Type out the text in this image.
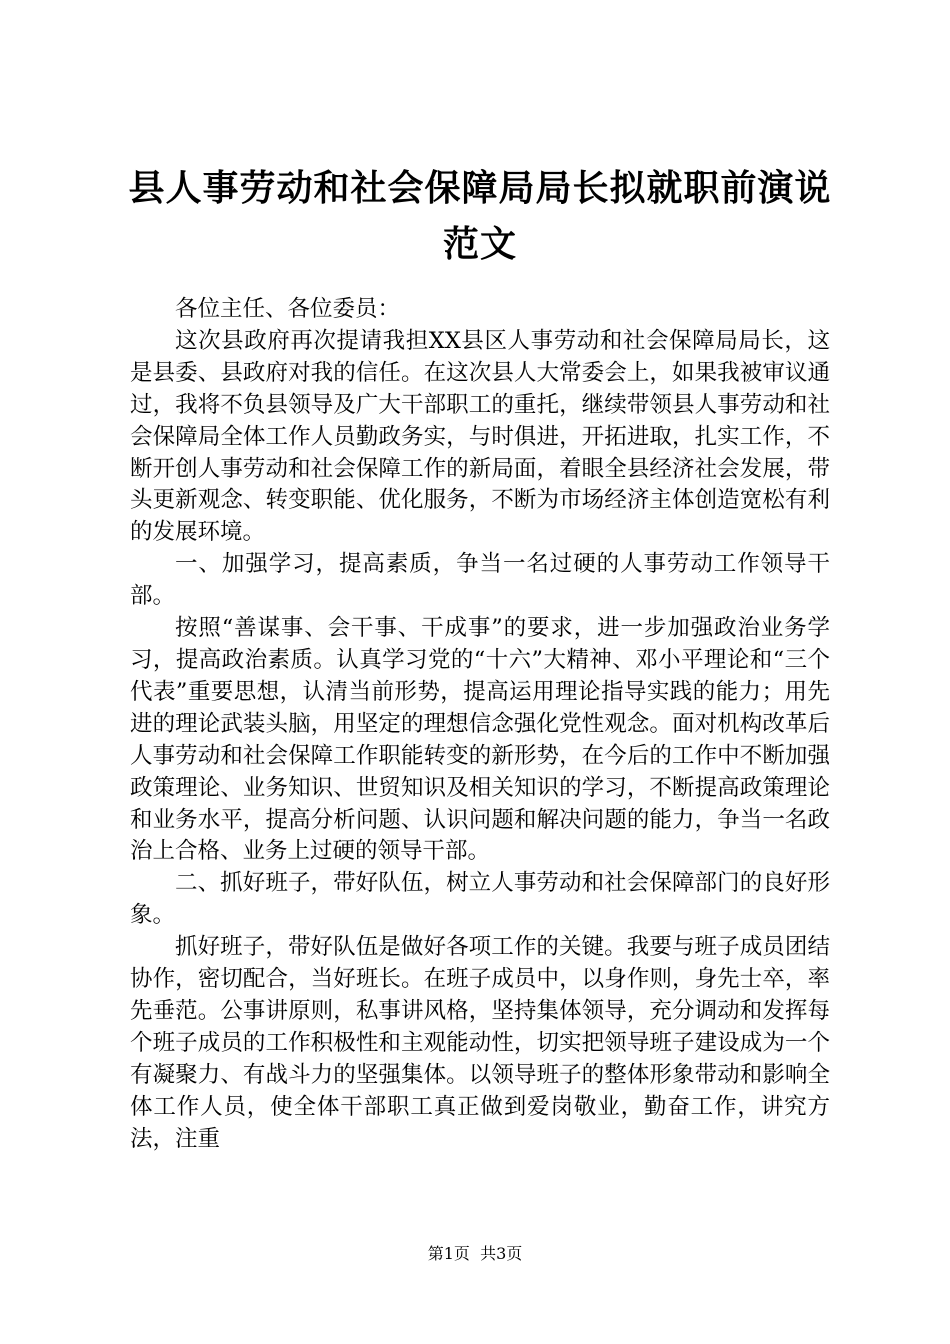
县人事劳动和社会保障局局长拟就职前演说范文

各位主任、各位委员：

这次县政府再次提请我担XX县区人事劳动和社会保障局局长，这是县委、县政府对我的信任。在这次县人大常委会上，如果我被审议通过，我将不负县领导及广大干部职工的重托，继续带领县人事劳动和社会保障局全体工作人员勤政务实，与时俱进，开拓进取，扎实工作，不断开创人事劳动和社会保障工作的新局面，着眼全县经济社会发展，带头更新观念、转变职能、优化服务，不断为市场经济主体创造宽松有利的发展环境。

一、加强学习，提高素质，争当一名过硬的人事劳动工作领导干部。

按照“善谋事、会干事、干成事”的要求，进一步加强政治业务学习，提高政治素质。认真学习党的“十六”大精神、邓小平理论和“三个代表”重要思想，认清当前形势，提高运用理论指导实践的能力；用先进的理论武装头脑，用坚定的理想信念强化党性观念。面对机构改革后人事劳动和社会保障工作职能转变的新形势，在今后的工作中不断加强政策理论、业务知识、世贸知识及相关知识的学习，不断提高政策理论和业务水平，提高分析问题、认识问题和解决问题的能力，争当一名政治上合格、业务上过硬的领导干部。

二、抓好班子，带好队伍，树立人事劳动和社会保障部门的良好形象。

抓好班子，带好队伍是做好各项工作的关键。我要与班子成员团结协作，密切配合，当好班长。在班子成员中，以身作则，身先士卒，率先垂范。公事讲原则，私事讲风格，坚持集体领导，充分调动和发挥每个班子成员的工作积极性和主观能动性，切实把领导班子建设成为一个有凝聚力、有战斗力的坚强集体。以领导班子的整体形象带动和影响全体工作人员，使全体干部职工真正做到爱岗敬业，勤奋工作，讲究方法，注重

第1页  共3页
